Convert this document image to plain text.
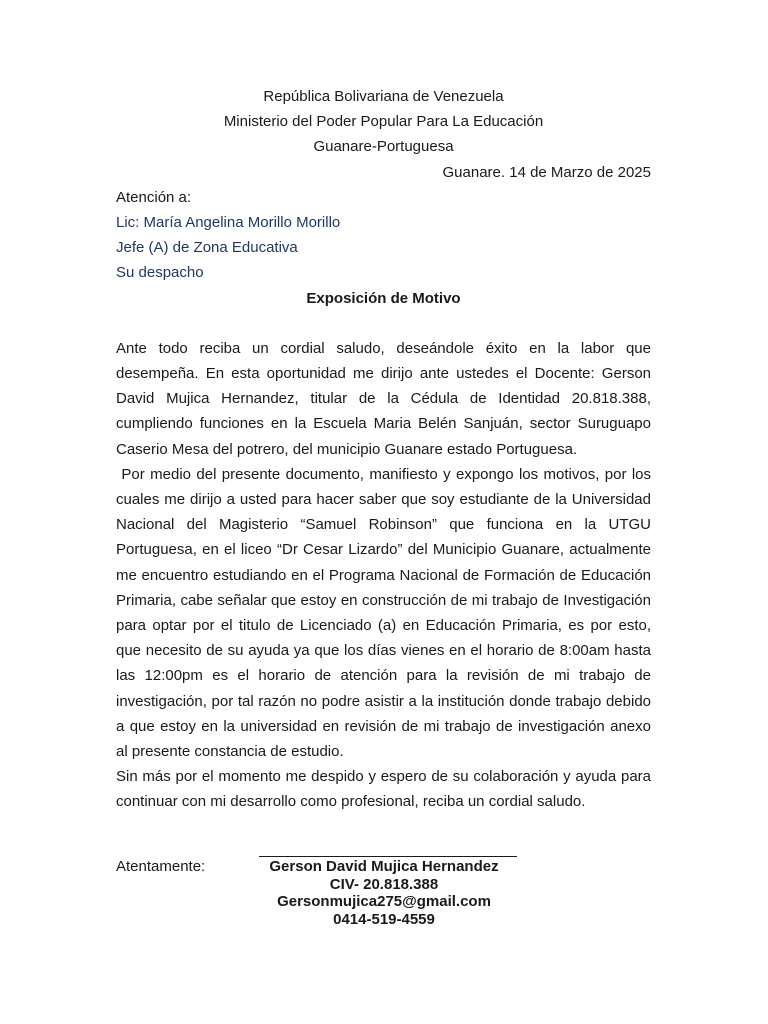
República Bolivariana de Venezuela

Ministerio del Poder Popular Para La Educación

Guanare-Portuguesa

Guanare. 14 de Marzo de 2025

Atención a:

Lic: María Angelina Morillo Morillo

Jefe (A) de Zona Educativa

Su despacho

Exposición de Motivo

Ante todo reciba un cordial saludo, deseándole éxito en la labor que desempeña. En esta oportunidad me dirijo ante ustedes el Docente: Gerson David Mujica Hernandez, titular de la Cédula de Identidad 20.818.388, cumpliendo funciones en la Escuela Maria Belén Sanjuán, sector Suruguapo Caserio Mesa del potrero, del municipio Guanare estado Portuguesa.

Por medio del presente documento, manifiesto y expongo los motivos, por los cuales me dirijo a usted para hacer saber que soy estudiante de la Universidad Nacional del Magisterio “Samuel Robinson” que funciona en la UTGU Portuguesa, en el liceo “Dr Cesar Lizardo” del Municipio Guanare, actualmente me encuentro estudiando en el Programa Nacional de Formación de Educación Primaria, cabe señalar que estoy en construcción de mi trabajo de Investigación para optar por el titulo de Licenciado (a) en Educación Primaria, es por esto, que necesito de su ayuda ya que los días vienes en el horario de 8:00am hasta las 12:00pm es el horario de atención para la revisión de mi trabajo de investigación, por tal razón no podre asistir a la institución donde trabajo debido a que estoy en la universidad en revisión de mi trabajo de investigación anexo al presente constancia de estudio.

Sin más por el momento me despido y espero de su colaboración y ayuda para continuar con mi desarrollo como profesional, reciba un cordial saludo.

Atentamente:	Gerson David Mujica Hernandez
CIV- 20.818.388
Gersonmujica275@gmail.com
0414-519-4559
